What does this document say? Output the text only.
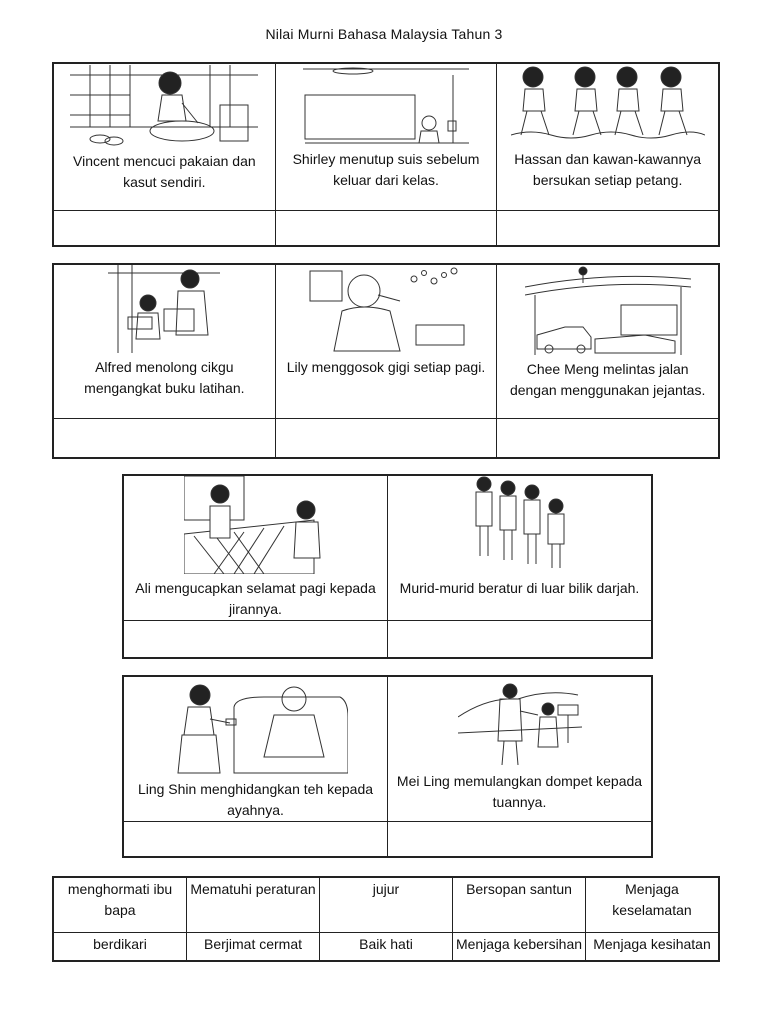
Nilai Murni Bahasa Malaysia Tahun 3
Vincent mencuci pakaian dan kasut sendiri.	Shirley menutup suis sebelum keluar dari kelas.	Hassan dan kawan-kawannya bersukan setiap petang.

Alfred menolong cikgu mengangkat buku latihan.	Lily menggosok gigi setiap pagi.	Chee Meng melintas jalan dengan menggunakan jejantas.

Ali mengucapkan selamat pagi kepada jirannya.	Murid-murid beratur di luar bilik darjah.

Ling Shin menghidangkan teh kepada ayahnya.	Mei Ling memulangkan dompet kepada tuannya.

menghormati ibu bapa	Mematuhi peraturan	jujur	Bersopan santun	Menjaga keselamatan
berdikari	Berjimat cermat	Baik hati	Menjaga kebersihan	Menjaga kesihatan
